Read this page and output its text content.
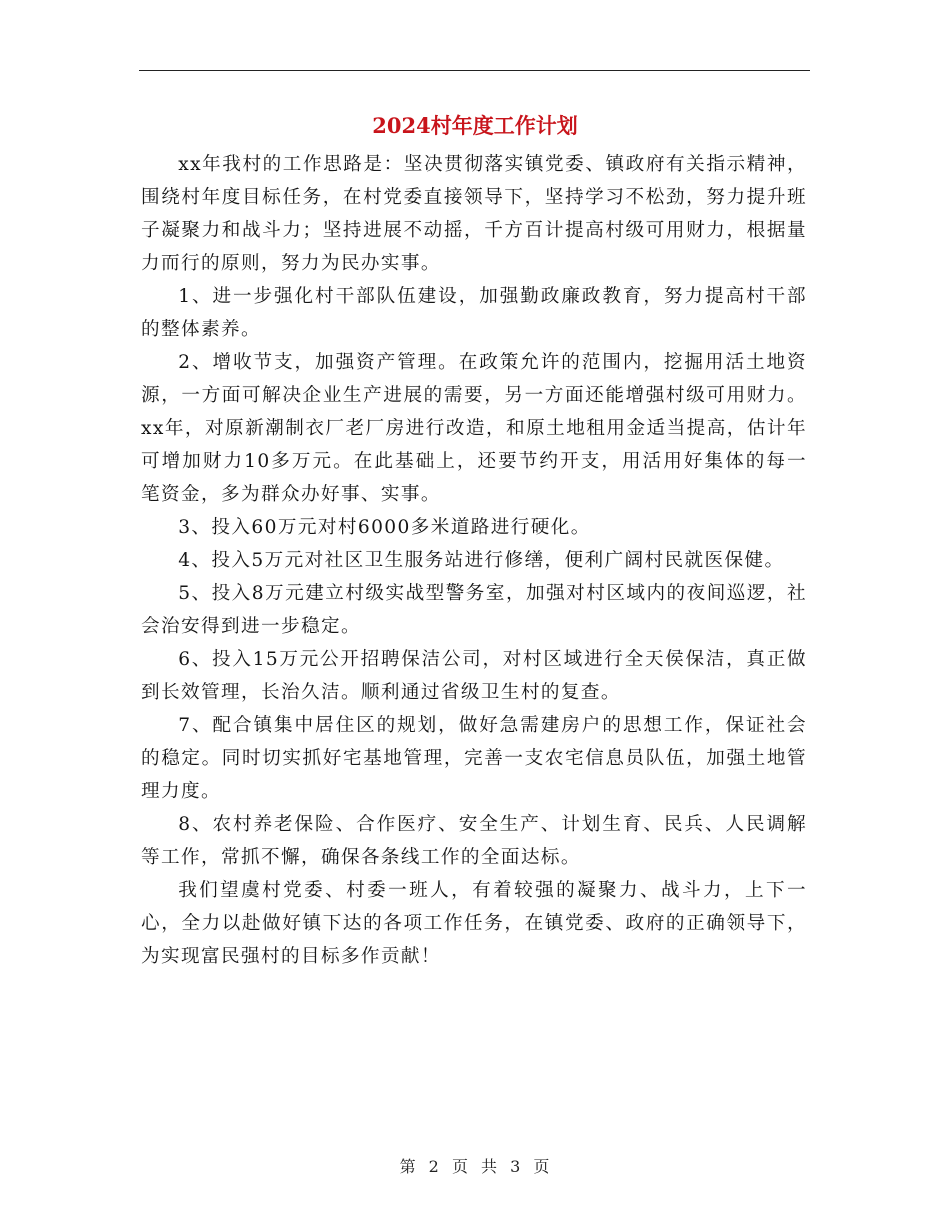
2024村年度工作计划

xx年我村的工作思路是：坚决贯彻落实镇党委、镇政府有关指示精神，围绕村年度目标任务，在村党委直接领导下，坚持学习不松劲，努力提升班子凝聚力和战斗力；坚持进展不动摇，千方百计提高村级可用财力，根据量力而行的原则，努力为民办实事。

1、进一步强化村干部队伍建设，加强勤政廉政教育，努力提高村干部的整体素养。

2、增收节支，加强资产管理。在政策允许的范围内，挖掘用活土地资源，一方面可解决企业生产进展的需要，另一方面还能增强村级可用财力。xx年，对原新潮制衣厂老厂房进行改造，和原土地租用金适当提高，估计年可增加财力10多万元。在此基础上，还要节约开支，用活用好集体的每一笔资金，多为群众办好事、实事。

3、投入60万元对村6000多米道路进行硬化。

4、投入5万元对社区卫生服务站进行修缮，便利广阔村民就医保健。

5、投入8万元建立村级实战型警务室，加强对村区域内的夜间巡逻，社会治安得到进一步稳定。

6、投入15万元公开招聘保洁公司，对村区域进行全天侯保洁，真正做到长效管理，长治久洁。顺利通过省级卫生村的复查。

7、配合镇集中居住区的规划，做好急需建房户的思想工作，保证社会的稳定。同时切实抓好宅基地管理，完善一支农宅信息员队伍，加强土地管理力度。

8、农村养老保险、合作医疗、安全生产、计划生育、民兵、人民调解等工作，常抓不懈，确保各条线工作的全面达标。

我们望虞村党委、村委一班人，有着较强的凝聚力、战斗力，上下一心，全力以赴做好镇下达的各项工作任务，在镇党委、政府的正确领导下，为实现富民强村的目标多作贡献！

第 2 页 共 3 页
